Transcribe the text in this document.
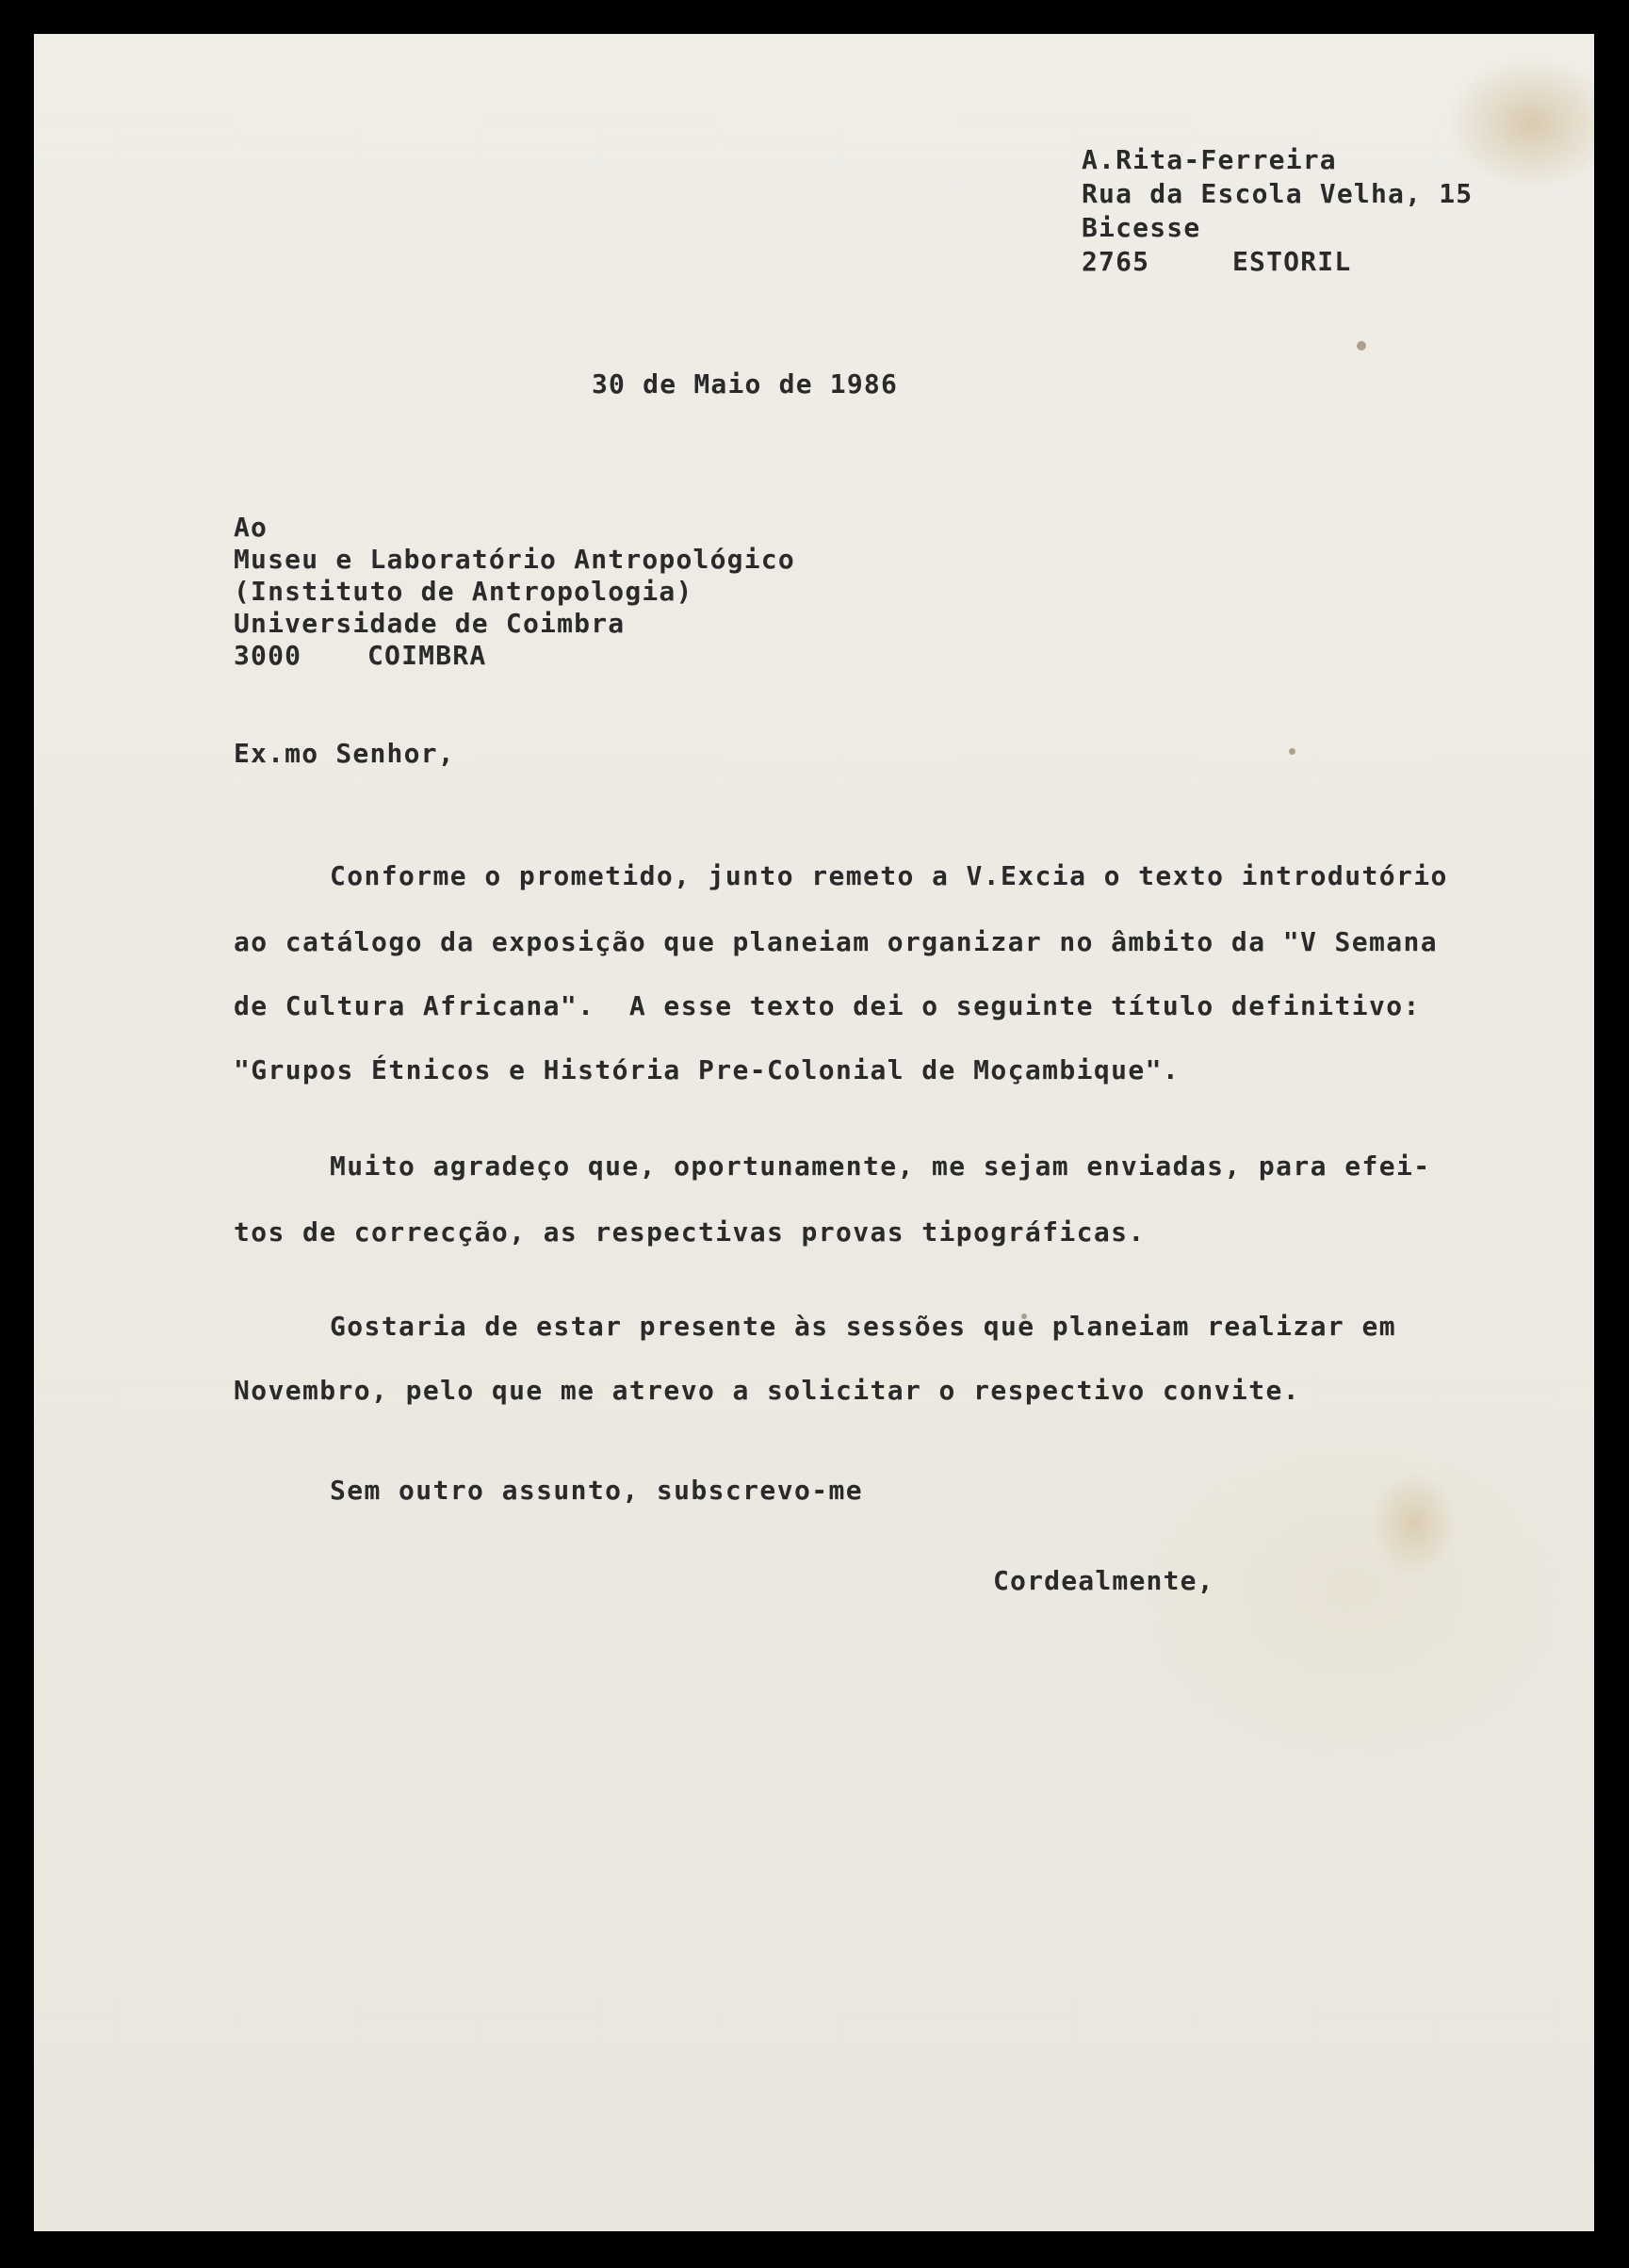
A.Rita-Ferreira
Rua da Escola Velha, 15
Bicesse
2765	ESTORIL
30 de Maio de 1986
Ao
Museu e Laboratório Antropológico
(Instituto de Antropologia)
Universidade de Coimbra
3000 COIMBRA
Ex.mo Senhor,
Conforme o prometido, junto remeto a V.Excia o texto introdutório
ao catálogo da exposição que planeiam organizar no âmbito da "V Semana
de Cultura Africana".  A esse texto dei o seguinte título definitivo:
"Grupos Étnicos e História Pre-Colonial de Moçambique".
Muito agradeço que, oportunamente, me sejam enviadas, para efei-
tos de correcção, as respectivas provas tipográficas.
Gostaria de estar presente às sessões que planeiam realizar em
Novembro, pelo que me atrevo a solicitar o respectivo convite.
Sem outro assunto, subscrevo-me
Cordealmente,
